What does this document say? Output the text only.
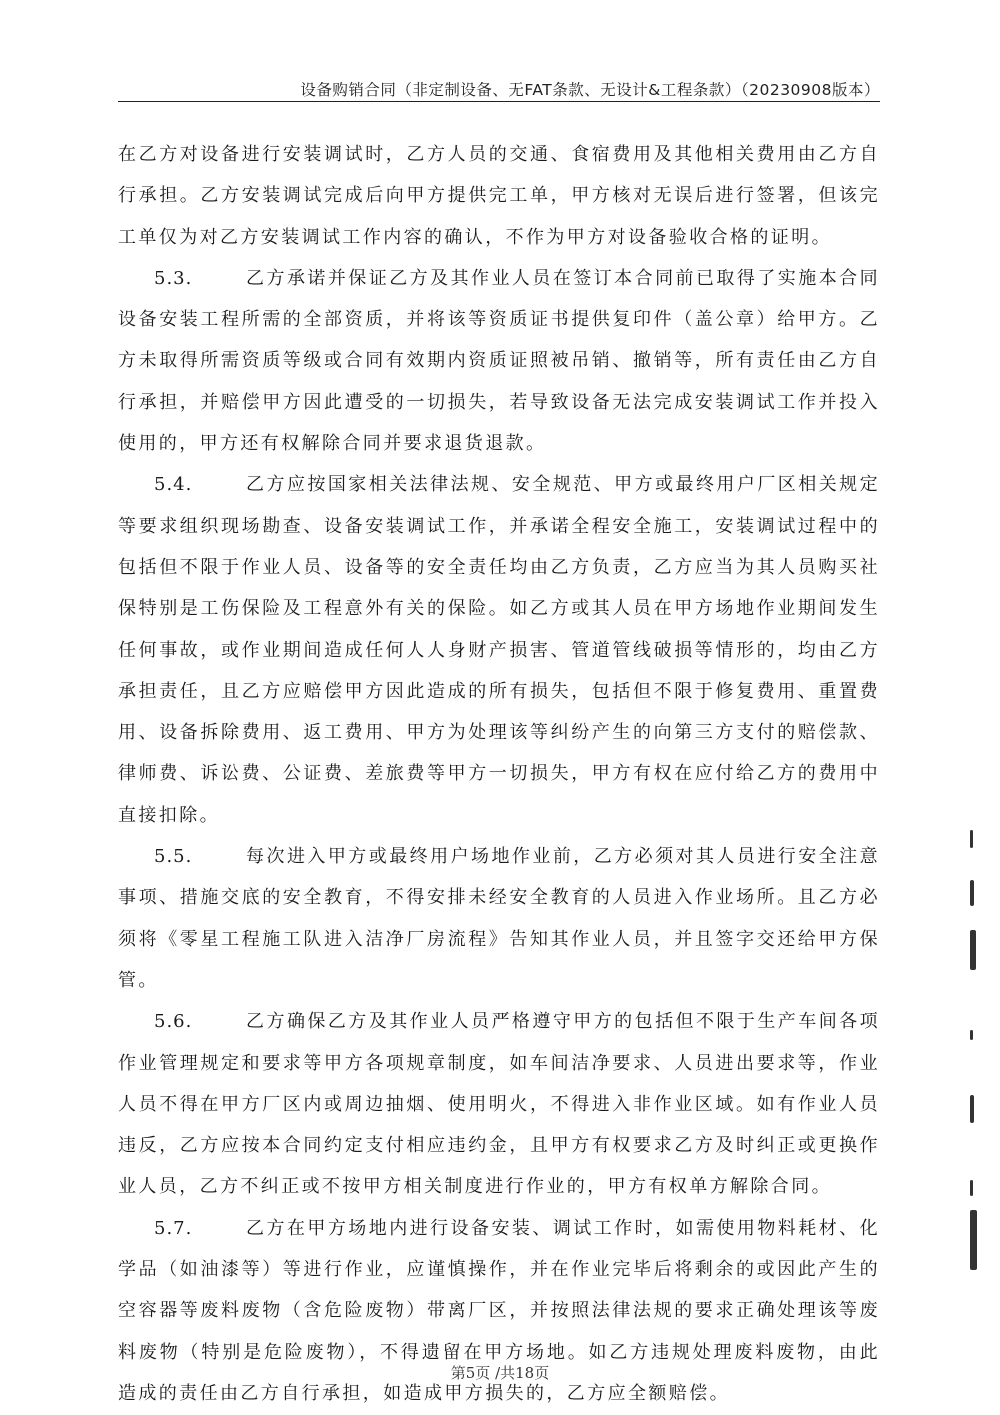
设备购销合同（非定制设备、无FAT条款、无设计&工程条款）（20230908版本）

在乙方对设备进行安装调试时，乙方人员的交通、食宿费用及其他相关费用由乙方自行承担。乙方安装调试完成后向甲方提供完工单，甲方核对无误后进行签署，但该完工单仅为对乙方安装调试工作内容的确认，不作为甲方对设备验收合格的证明。

5.3.	乙方承诺并保证乙方及其作业人员在签订本合同前已取得了实施本合同设备安装工程所需的全部资质，并将该等资质证书提供复印件（盖公章）给甲方。乙方未取得所需资质等级或合同有效期内资质证照被吊销、撤销等，所有责任由乙方自行承担，并赔偿甲方因此遭受的一切损失，若导致设备无法完成安装调试工作并投入使用的，甲方还有权解除合同并要求退货退款。

5.4.	乙方应按国家相关法律法规、安全规范、甲方或最终用户厂区相关规定等要求组织现场勘查、设备安装调试工作，并承诺全程安全施工，安装调试过程中的包括但不限于作业人员、设备等的安全责任均由乙方负责，乙方应当为其人员购买社保特别是工伤保险及工程意外有关的保险。如乙方或其人员在甲方场地作业期间发生任何事故，或作业期间造成任何人人身财产损害、管道管线破损等情形的，均由乙方承担责任，且乙方应赔偿甲方因此造成的所有损失，包括但不限于修复费用、重置费用、设备拆除费用、返工费用、甲方为处理该等纠纷产生的向第三方支付的赔偿款、律师费、诉讼费、公证费、差旅费等甲方一切损失，甲方有权在应付给乙方的费用中直接扣除。

5.5.	每次进入甲方或最终用户场地作业前，乙方必须对其人员进行安全注意事项、措施交底的安全教育，不得安排未经安全教育的人员进入作业场所。且乙方必须将《零星工程施工队进入洁净厂房流程》告知其作业人员，并且签字交还给甲方保管。

5.6.	乙方确保乙方及其作业人员严格遵守甲方的包括但不限于生产车间各项作业管理规定和要求等甲方各项规章制度，如车间洁净要求、人员进出要求等，作业人员不得在甲方厂区内或周边抽烟、使用明火，不得进入非作业区域。如有作业人员违反，乙方应按本合同约定支付相应违约金，且甲方有权要求乙方及时纠正或更换作业人员，乙方不纠正或不按甲方相关制度进行作业的，甲方有权单方解除合同。

5.7.	乙方在甲方场地内进行设备安装、调试工作时，如需使用物料耗材、化学品（如油漆等）等进行作业，应谨慎操作，并在作业完毕后将剩余的或因此产生的空容器等废料废物（含危险废物）带离厂区，并按照法律法规的要求正确处理该等废料废物（特别是危险废物），不得遗留在甲方场地。如乙方违规处理废料废物，由此造成的责任由乙方自行承担，如造成甲方损失的，乙方应全额赔偿。

第5页 /共18页
